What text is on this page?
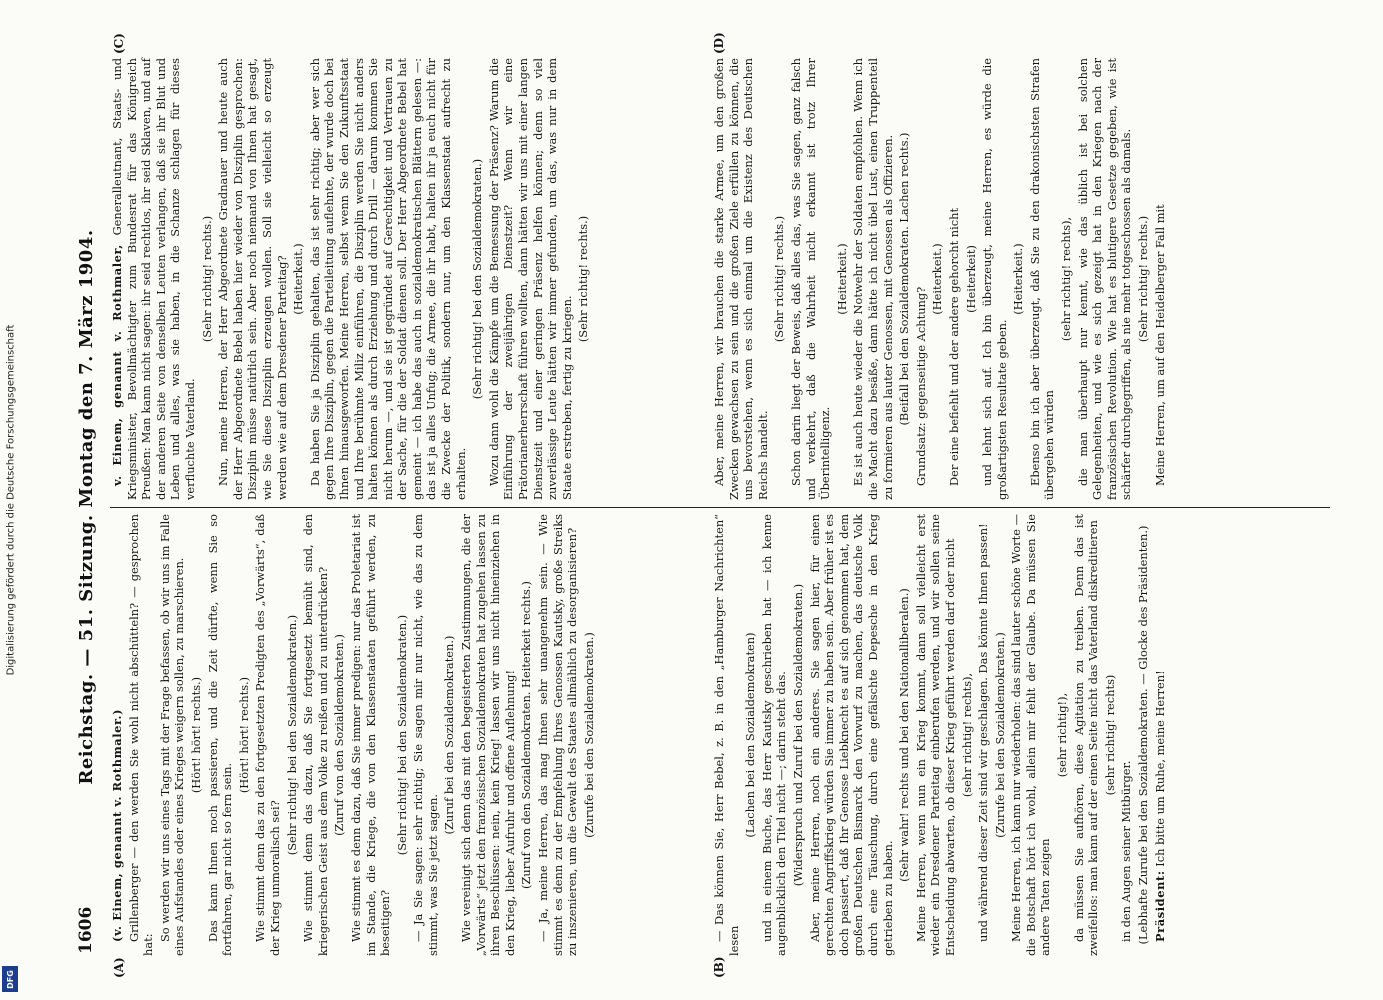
Digitalisierung gefördert durch die Deutsche Forschungsgemeinschaft
DFG
1606
Reichstag. — 51. Sitzung. Montag den 7. März 1904.
(A)	(B)
(C)	(D)

(v. Einem, genannt v. Rothmaler.) Grillenberger — den werden Sie wohl nicht abschütteln? — gesprochen hat:

So werden wir uns eines Tags mit der Frage befassen, ob wir uns im Falle eines Aufstandes oder eines Krieges weigern sollen, zu marschieren. (Hört! hört! rechts.) Das kann Ihnen noch passieren, und die Zeit dürfte, wenn Sie so fortfahren, gar nicht so fern sein.

(Hört! hört! rechts.) Wie stimmt denn das zu den fortgesetzten Predigten des „Vorwärts“, daß der Krieg unmoralisch sei?

(Sehr richtig! bei den Sozialdemokraten.) Wie stimmt denn das dazu, daß Sie fortgesetzt bemüht sind, den kriegerischen Geist aus dem Volke zu reißen und zu unterdrücken? (Zuruf von den Sozialdemokraten.) Wie stimmt es denn dazu, daß Sie immer predigen: nur das Proletariat ist im Stande, die Kriege, die von den Klassenstaaten geführt werden, zu beseitigen?

(Sehr richtig! bei den Sozialdemokraten.) — Ja Sie sagen: sehr richtig; Sie sagen mir nur nicht, wie das zu dem stimmt, was Sie jetzt sagen.

(Zuruf bei den Sozialdemokraten.) Wie vereinigt sich denn das mit den begeisterten Zustimmungen, die der „Vorwärts“ jetzt den französischen Sozialdemokraten hat zugehen lassen zu ihren Beschlüssen: nein, kein Krieg! lassen wir uns nicht hineinziehen in den Krieg, lieber Aufruhr und offene Auflehnung! (Zuruf von den Sozialdemokraten. Heiterkeit rechts.) — Ja, meine Herren, das mag Ihnen sehr unangenehm sein. — Wie stimmt es denn zu der Empfehlung Ihres Genossen Kautsky, große Streiks zu inszenieren, um die Gewalt des Staates allmählich zu desorganisieren? (Zurufe bei den Sozialdemokraten.)	— Das können Sie, Herr Bebel, z. B. in den „Hamburger Nachrichten“ lesen

(Lachen bei den Sozialdemokraten) und in einem Buche, das Herr Kautsky geschrieben hat — ich kenne augenblicklich den Titel nicht —; darin steht das. (Widerspruch und Zuruf bei den Sozialdemokraten.) Aber, meine Herren, noch ein anderes. Sie sagen hier, für einen gerechten Angriffskrieg würden Sie immer zu haben sein. Aber früher ist es doch passiert, daß Ihr Genosse Liebknecht es auf sich genommen hat, dem großen Deutschen Bismarck den Vorwurf zu machen, das deutsche Volk durch eine Täuschung, durch eine gefälschte Depesche in den Krieg getrieben zu haben.

(Sehr wahr! rechts und bei den Nationalliberalen.) Meine Herren, wenn nun ein Krieg kommt, dann soll vielleicht erst wieder ein Dresdener Parteitag einberufen werden, und wir sollen seine Entscheidung abwarten, ob dieser Krieg geführt werden darf oder nicht (sehr richtig! rechts), und während dieser Zeit sind wir geschlagen. Das könnte Ihnen passen! (Zurufe bei den Sozialdemokraten.) Meine Herren, ich kann nur wiederholen: das sind lauter schöne Worte — die Botschaft hört ich wohl, allein mir fehlt der Glaube. Da müssen Sie andere Taten zeigen

(sehr richtig!), da müssen Sie aufhören, diese Agitation zu treiben. Denn das ist zweifellos: man kann auf der einen Seite nicht das Vaterland diskreditieren (sehr richtig! rechts)

in den Augen seiner Mitbürger. (Lebhafte Zurufe bei den Sozialdemokraten. — Glocke des Präsidenten.) Präsident: Ich bitte um Ruhe, meine Herren!

v. Einem, genannt v. Rothmaler, Generalleutnant, Staats- und Kriegsminister, Bevollmächtigter zum Bundesrat für das Königreich Preußen: Man kann nicht sagen: ihr seid rechtlos, ihr seid Sklaven, und auf der anderen Seite von denselben Leuten verlangen, daß sie ihr Blut und Leben und alles, was sie haben, in die Schanze schlagen für dieses verfluchte Vaterland.

(Sehr richtig! rechts.) Nun, meine Herren, der Herr Abgeordnete Gradnauer und heute auch der Herr Abgeordnete Bebel haben hier wieder von Disziplin gesprochen: Disziplin müsse natürlich sein. Aber noch niemand von Ihnen hat gesagt, wie Sie diese Disziplin erzeugen wollen. Soll sie vielleicht so erzeugt werden wie auf dem Dresdener Parteitag? (Heiterkeit.) Da haben Sie ja Disziplin gehalten, das ist sehr richtig; aber wer sich gegen Ihre Disziplin, gegen die Parteileitung auflehnte, der wurde doch bei Ihnen hinausgeworfen. Meine Herren, selbst wenn Sie den Zukunftsstaat und Ihre berühmte Miliz einführen, die Disziplin werden Sie nicht anders halten können als durch Erziehung und durch Drill — darum kommen Sie nicht herum —, und sie ist gegründet auf Gerechtigkeit und Vertrauen zu der Sache, für die der Soldat dienen soll. Der Herr Abgeordnete Bebel hat gemeint — ich habe das auch in sozialdemokratischen Blättern gelesen —: das ist ja alles Unfug; die Armee, die ihr habt, halten ihr ja euch nicht für die Zwecke der Politik, sondern nur, um den Klassenstaat aufrecht zu erhalten.

(Sehr richtig! bei den Sozialdemokraten.) Wozu dann wohl die Kämpfe um die Bemessung der Präsenz? Warum die Einführung der zweijährigen Dienstzeit? Wenn wir eine Prätorianerherrschaft führen wollten, dann hätten wir uns mit einer langen Dienstzeit und einer geringen Präsenz helfen können; denn so viel zuverlässige Leute hätten wir immer gefunden, um das, was nur in dem Staate erstreben, fertig zu kriegen.

(Sehr richtig! rechts.)	Aber, meine Herren, wir brauchen die starke Armee, um den großen Zwecken gewachsen zu sein und die großen Ziele erfüllen zu können, die uns bevorstehen, wenn es sich einmal um die Existenz des Deutschen Reichs handelt.

(Sehr richtig! rechts.) Schon darin liegt der Beweis, daß alles das, was Sie sagen, ganz falsch und verkehrt, daß die Wahrheit nicht erkannt ist trotz Ihrer Überintelligenz.

(Heiterkeit.) Es ist auch heute wieder die Notwehr der Soldaten empfohlen. Wenn ich die Macht dazu besäße, dann hätte ich nicht übel Lust, einen Truppenteil zu formieren aus lauter Genossen, mit Genossen als Offizieren. (Beifall bei den Sozialdemokraten. Lachen rechts.) Grundsatz: gegenseitige Achtung?

(Heiterkeit.) Der eine befiehlt und der andere gehorcht nicht (Heiterkeit) und lehnt sich auf. Ich bin überzeugt, meine Herren, es würde die großartigsten Resultate geben.

(Heiterkeit.) Ebenso bin ich aber überzeugt, daß Sie zu den drakonischsten Strafen übergehen würden

(sehr richtig! rechts), die man überhaupt nur kennt, wie das üblich ist bei solchen Gelegenheiten, und wie es sich gezeigt hat in den Kriegen nach der französischen Revolution. Wie hat es blutigere Gesetze gegeben, wie ist schärfer durchgegriffen, als nie mehr totgeschossen als damals. (Sehr richtig! rechts.) Meine Herren, um auf den Heidelberger Fall mit
